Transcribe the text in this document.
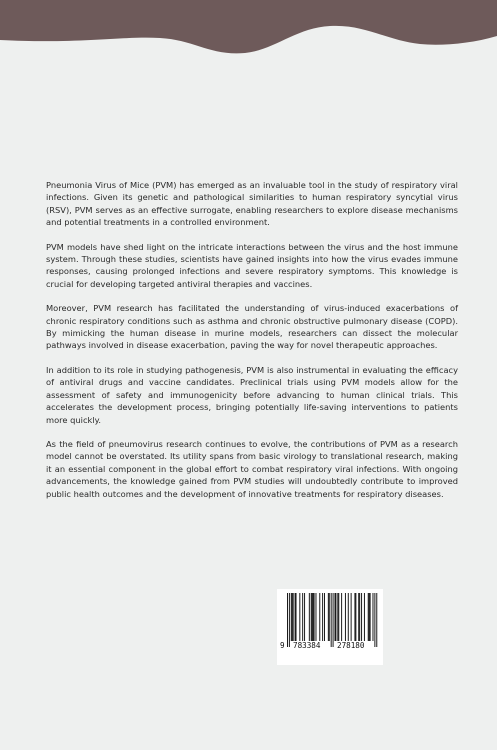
Pneumonia Virus of Mice (PVM) has emerged as an invaluable tool in the study of respiratory viral infections. Given its genetic and pathological similarities to human respiratory syncytial virus (RSV), PVM serves as an effective surrogate, enabling researchers to explore disease mechanisms and potential treatments in a controlled environment.

PVM models have shed light on the intricate interactions between the virus and the host immune system. Through these studies, scientists have gained insights into how the virus evades immune responses, causing prolonged infections and severe respiratory symptoms. This knowledge is crucial for developing targeted antiviral therapies and vaccines.

Moreover, PVM research has facilitated the understanding of virus-induced exacerbations of chronic respiratory conditions such as asthma and chronic obstructive pulmonary disease (COPD). By mimicking the human disease in murine models, researchers can dissect the molecular pathways involved in disease exacerbation, paving the way for novel therapeutic approaches.

In addition to its role in studying pathogenesis, PVM is also instrumental in evaluating the efficacy of antiviral drugs and vaccine candidates. Preclinical trials using PVM models allow for the assessment of safety and immunogenicity before advancing to human clinical trials. This accelerates the development process, bringing potentially life-saving interventions to patients more quickly.

As the field of pneumovirus research continues to evolve, the contributions of PVM as a research model cannot be overstated. Its utility spans from basic virology to translational research, making it an essential component in the global effort to combat respiratory viral infections. With ongoing advancements, the knowledge gained from PVM studies will undoubtedly contribute to improved public health outcomes and the development of innovative treatments for respiratory diseases.

9 783384 278180
